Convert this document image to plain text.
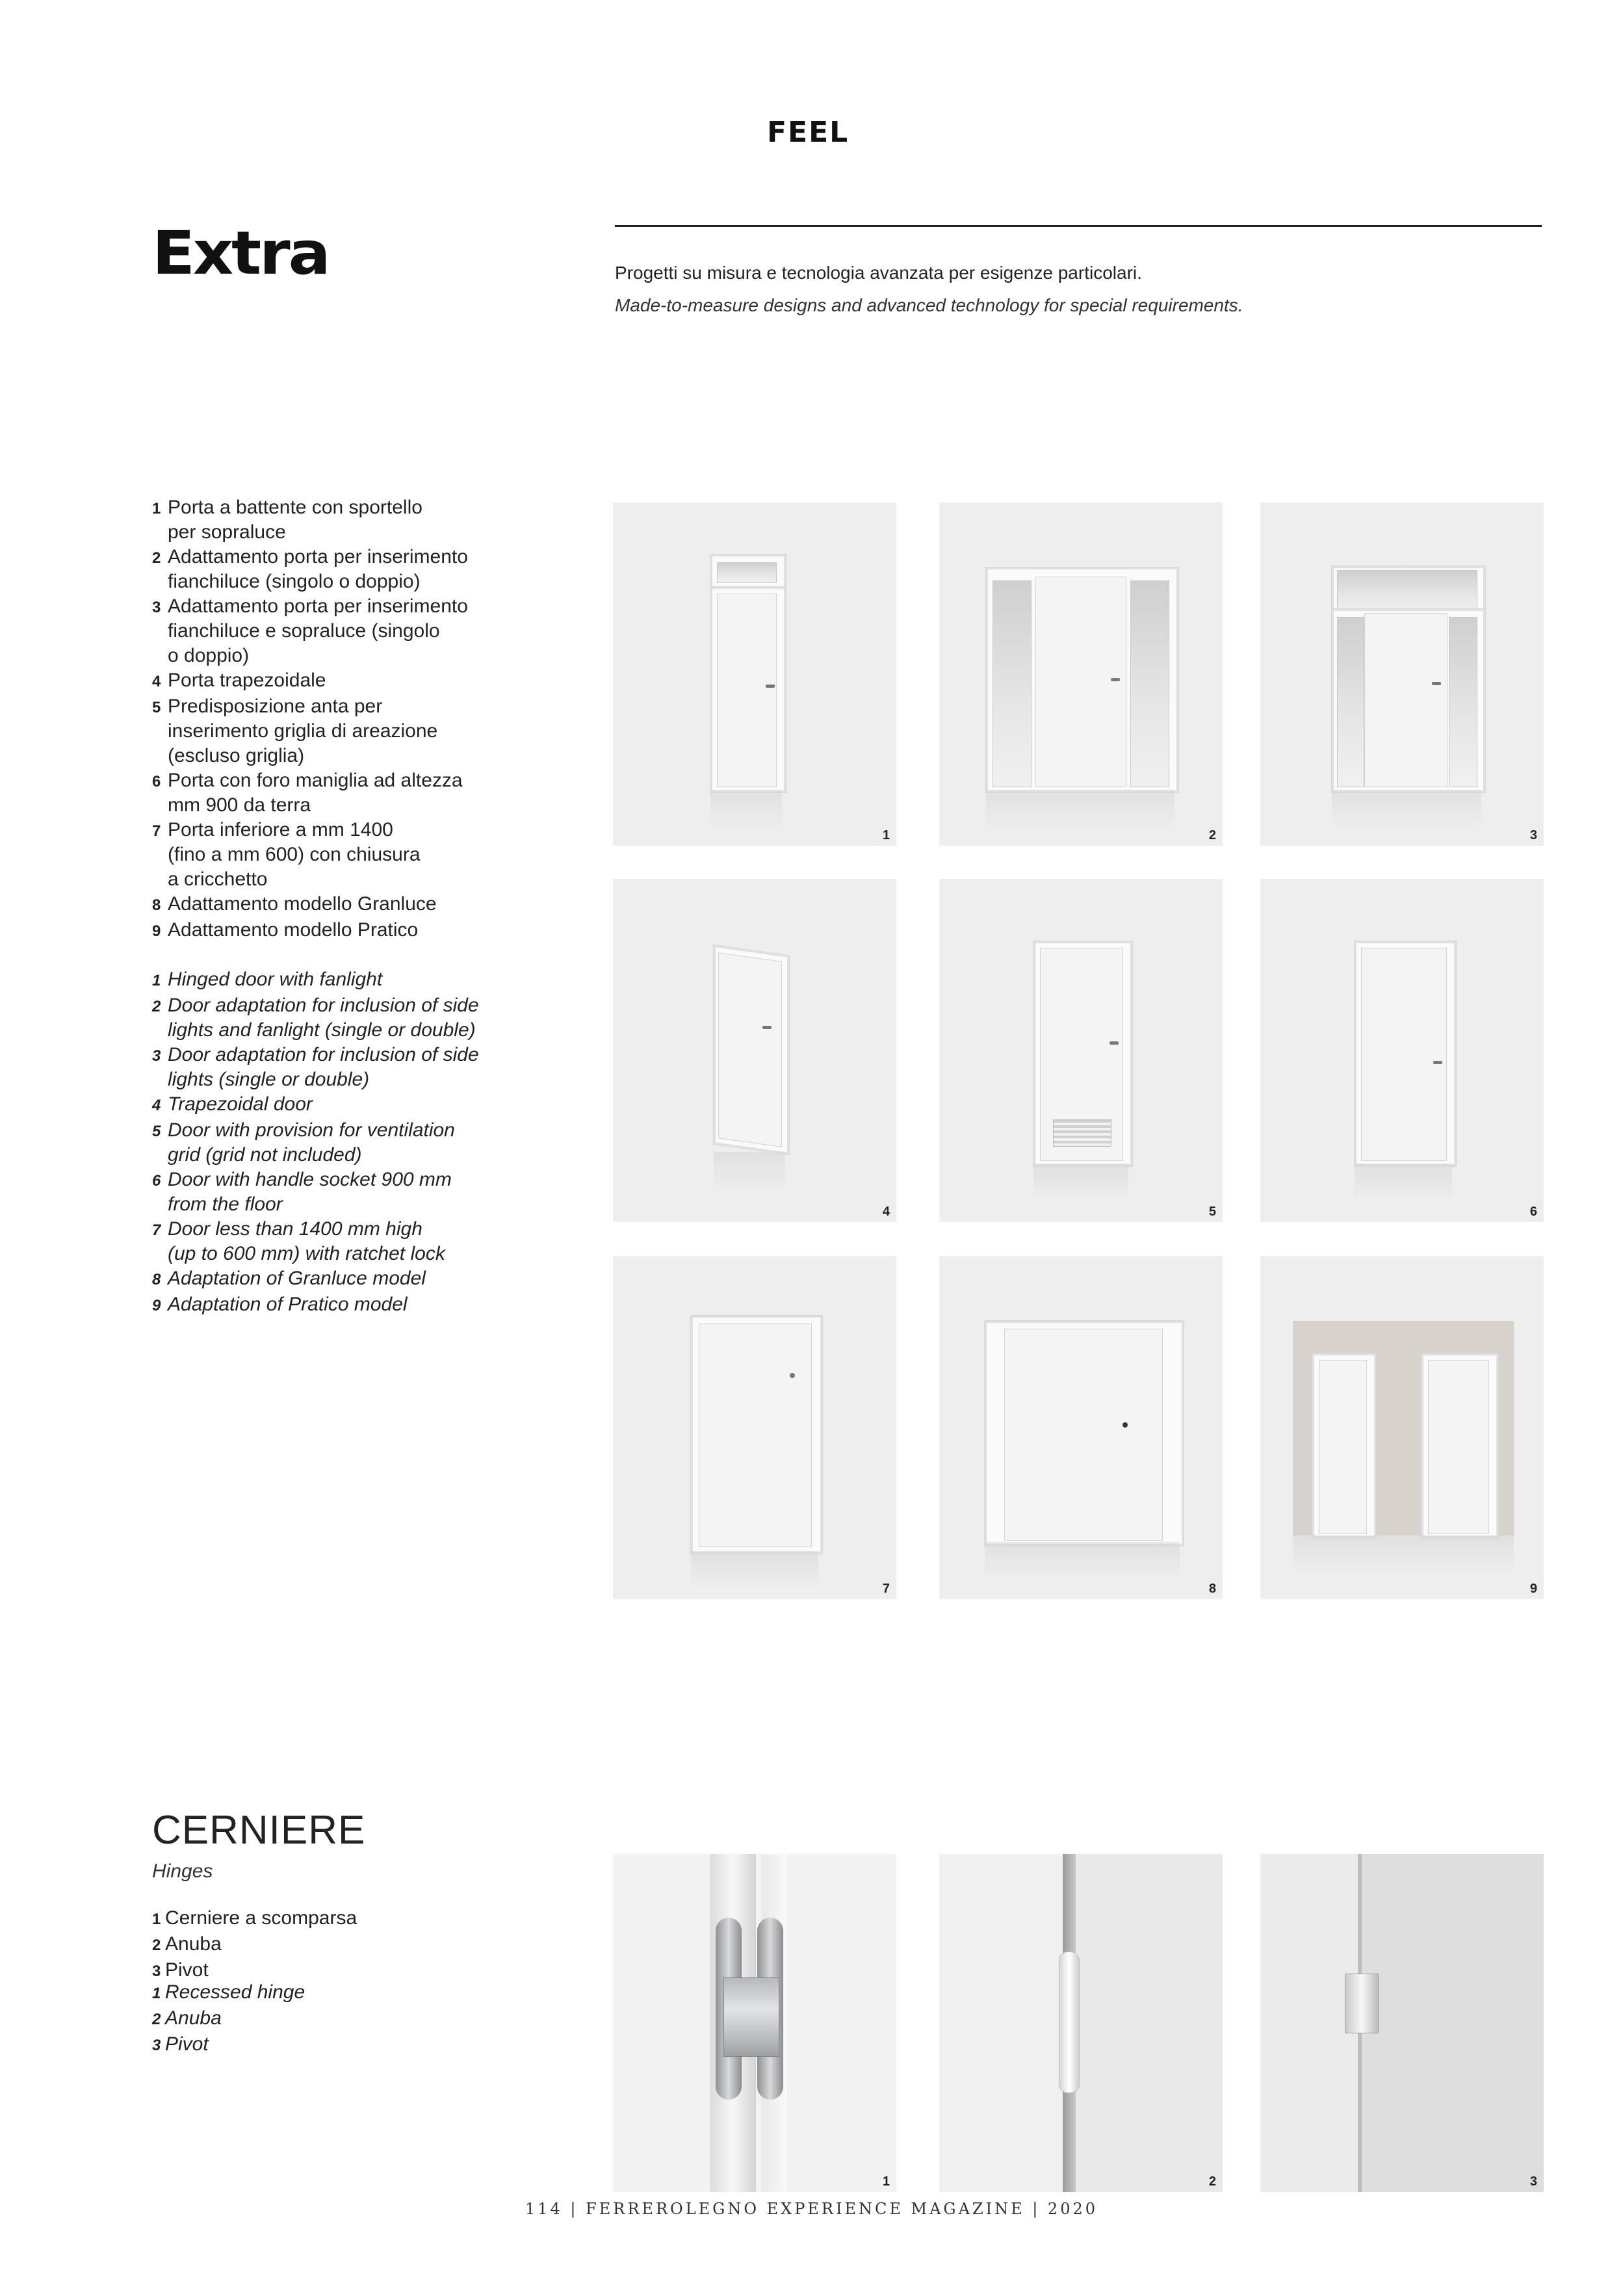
FEEL
Extra	Progetti su misura e tecnologia avanzata per esigenze particolari.
Made-to-measure designs and advanced technology for special requirements.
1 Porta a battente con sportello
per sopraluce
2 Adattamento porta per inserimento
fianchiluce (singolo o doppio)
3 Adattamento porta per inserimento
fianchiluce e sopraluce (singolo
o doppio)
4 Porta trapezoidale
5 Predisposizione anta per
inserimento griglia di areazione
(escluso griglia)
6 Porta con foro maniglia ad altezza
mm 900 da terra
7 Porta inferiore a mm 1400
(fino a mm 600) con chiusura
a cricchetto
8 Adattamento modello Granluce
9 Adattamento modello Pratico
1 Hinged door with fanlight
2 Door adaptation for inclusion of side
lights and fanlight (single or double)
3 Door adaptation for inclusion of side
lights (single or double)
4 Trapezoidal door
5 Door with provision for ventilation
grid (grid not included)
6 Door with handle socket 900 mm
from the floor
7 Door less than 1400 mm high
(up to 600 mm) with ratchet lock
8 Adaptation of Granluce model
9 Adaptation of Pratico model
1	2	3
4	5	6
7	8	9
CERNIERE
Hinges
1 Cerniere a scomparsa
2 Anuba
3 Pivot
1 Recessed hinge
2 Anuba
3 Pivot
1	2	3
114 | FERREROLEGNO EXPERIENCE MAGAZINE | 2020
